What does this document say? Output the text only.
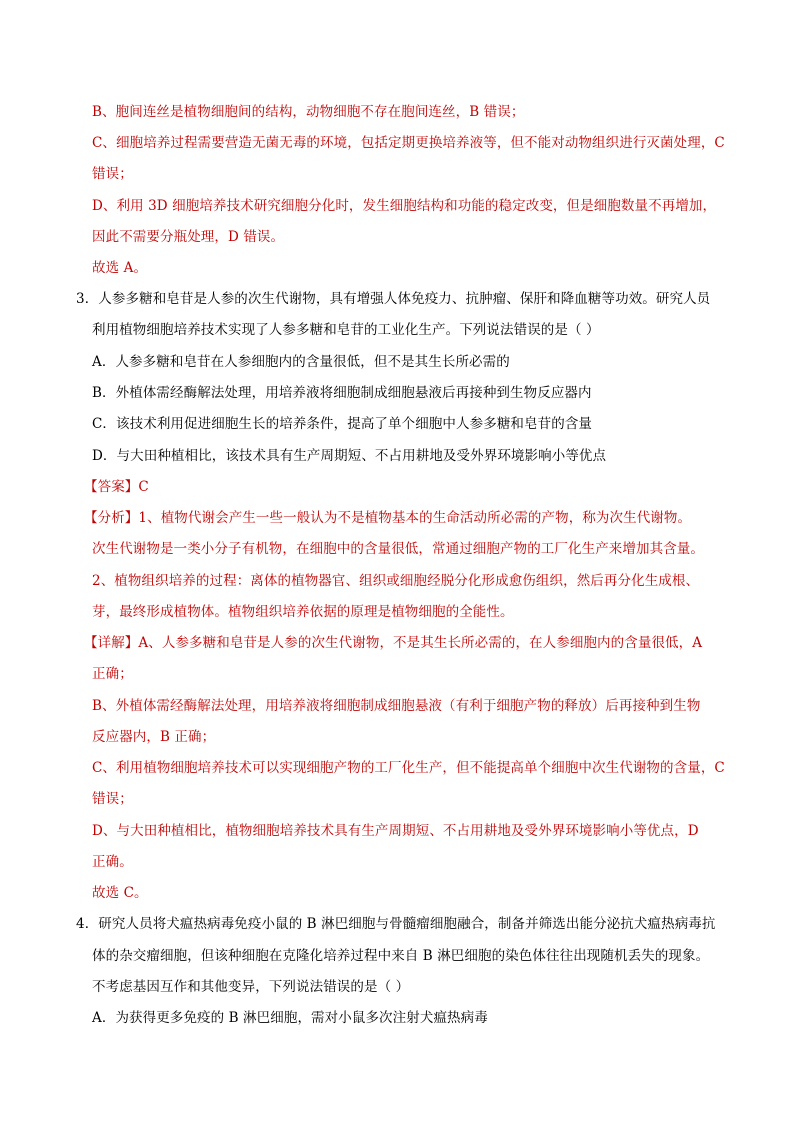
B、胞间连丝是植物细胞间的结构，动物细胞不存在胞间连丝，B 错误；
C、细胞培养过程需要营造无菌无毒的环境，包括定期更换培养液等，但不能对动物组织进行灭菌处理，C
错误；
D、利用 3D 细胞培养技术研究细胞分化时，发生细胞结构和功能的稳定改变，但是细胞数量不再增加，
因此不需要分瓶处理，D 错误。
故选 A。
3．人参多糖和皂苷是人参的次生代谢物，具有增强人体免疫力、抗肿瘤、保肝和降血糖等功效。研究人员
利用植物细胞培养技术实现了人参多糖和皂苷的工业化生产。下列说法错误的是（ ）
A．人参多糖和皂苷在人参细胞内的含量很低，但不是其生长所必需的
B．外植体需经酶解法处理，用培养液将细胞制成细胞悬液后再接种到生物反应器内
C．该技术利用促进细胞生长的培养条件，提高了单个细胞中人参多糖和皂苷的含量
D．与大田种植相比，该技术具有生产周期短、不占用耕地及受外界环境影响小等优点
【答案】C
【分析】1、植物代谢会产生一些一般认为不是植物基本的生命活动所必需的产物，称为次生代谢物。
次生代谢物是一类小分子有机物，在细胞中的含量很低，常通过细胞产物的工厂化生产来增加其含量。
2、植物组织培养的过程：离体的植物器官、组织或细胞经脱分化形成愈伤组织，然后再分化生成根、
芽，最终形成植物体。植物组织培养依据的原理是植物细胞的全能性。
【详解】A、人参多糖和皂苷是人参的次生代谢物，不是其生长所必需的，在人参细胞内的含量很低，A
正确；
B、外植体需经酶解法处理，用培养液将细胞制成细胞悬液（有利于细胞产物的释放）后再接种到生物
反应器内，B 正确；
C、利用植物细胞培养技术可以实现细胞产物的工厂化生产，但不能提高单个细胞中次生代谢物的含量，C
错误；
D、与大田种植相比，植物细胞培养技术具有生产周期短、不占用耕地及受外界环境影响小等优点，D
正确。
故选 C。
4．研究人员将犬瘟热病毒免疫小鼠的 B 淋巴细胞与骨髓瘤细胞融合，制备并筛选出能分泌抗犬瘟热病毒抗
体的杂交瘤细胞，但该种细胞在克隆化培养过程中来自 B 淋巴细胞的染色体往往出现随机丢失的现象。
不考虑基因互作和其他变异，下列说法错误的是（ ）
A．为获得更多免疫的 B 淋巴细胞，需对小鼠多次注射犬瘟热病毒
